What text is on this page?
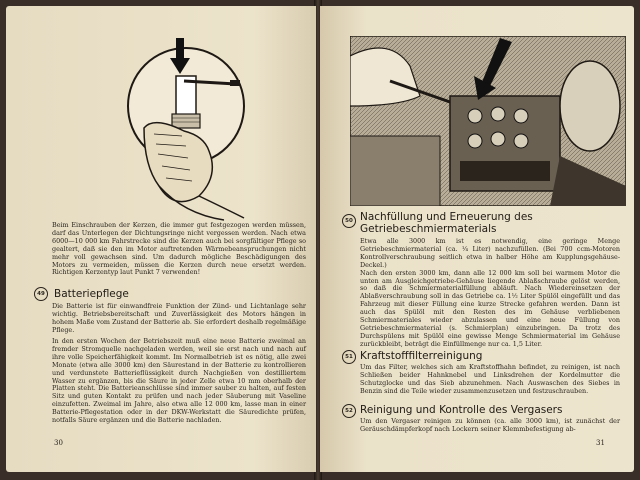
Beim Einschrauben der Kerzen, die immer gut festgezogen werden müssen, darf das Unterlegen der Dichtungsringe nicht vergessen werden. Nach etwa 6000—10 000 km Fahrstrecke sind die Kerzen auch bei sorgfältiger Pflege so gealtert, daß sie den im Motor auftretenden Wärmebeanspruchungen nicht mehr voll gewachsen sind. Um dadurch mögliche Beschädigungen des Motors zu vermeiden, müssen die Kerzen durch neue ersetzt werden. Richtigen Kerzentyp laut Punkt 7 verwenden!
49 Batteriepflege
Die Batterie ist für einwandfreie Funktion der Zünd- und Lichtanlage sehr wichtig. Betriebsbereitschaft und Zuverlässigkeit des Motors hängen in hohem Maße vom Zustand der Batterie ab. Sie erfordert deshalb regelmäßige Pflege.
In den ersten Wochen der Betriebszeit muß eine neue Batterie zweimal an fremder Stromquelle nachgeladen werden, weil sie erst nach und nach auf ihre volle Speicherfähigkeit kommt. Im Normalbetrieb ist es nötig, alle zwei Monate (etwa alle 3000 km) den Säurestand in der Batterie zu kontrollieren und verdunstete Batterieflüssigkeit durch Nachgießen von destilliertem Wasser zu ergänzen, bis die Säure in jeder Zelle etwa 10 mm oberhalb der Platten steht. Die Batterieanschlüsse sind immer sauber zu halten, auf festen Sitz und guten Kontakt zu prüfen und nach jeder Säuberung mit Vaseline einzufetten. Zweimal im Jahre, also etwa alle 12 000 km, lasse man in einer Batterie-Pflegestation oder in der DKW-Werkstatt die Säuredichte prüfen, notfalls Säure ergänzen und die Batterie nachladen.
30
50 Nachfüllung und Erneuerung des Getriebeschmiermaterials
Etwa alle 3000 km ist es notwendig, eine geringe Menge Getriebeschmiermaterial (ca. ¼ Liter) nachzufüllen. (Bei 700 ccm-Motoren Kontrollverschraubung seitlich etwa in halber Höhe am Kupplungsgehäuse-Deckel.)
Nach den ersten 3000 km, dann alle 12 000 km soll bei warmem Motor die unten am Ausgleichgetriebe-Gehäuse liegende Ablaßschraube gelöst werden, so daß die Schmiermaterialfüllung abläuft. Nach Wiedereinsetzen der Ablaßverschraubung soll in das Getriebe ca. 1½ Liter Spülöl eingefüllt und das Fahrzeug mit dieser Füllung eine kurze Strecke gefahren werden. Dann ist auch das Spülöl mit den Resten des im Gehäuse verbliebenen Schmiermateriales wieder abzulassen und eine neue Füllung von Getriebeschmiermaterial (s. Schmierplan) einzubringen. Da trotz des Durchspülens mit Spülöl eine gewisse Menge Schmiermaterial im Gehäuse zurückbleibt, beträgt die Einfüllmenge nur ca. 1,5 Liter.
51 Kraftstofffilterreinigung
Um das Filter, welches sich am Kraftstoffhahn befindet, zu reinigen, ist nach Schließen beider Hahnknebel und Linksdrehen der Kordelmutter die Schutzglocke und das Sieb abzunehmen. Nach Auswaschen des Siebes in Benzin sind die Teile wieder zusammenzusetzen und festzuschrauben.
52 Reinigung und Kontrolle des Vergasers
Um den Vergaser reinigen zu können (ca. alle 3000 km), ist zunächst der Geräuschdämpferkopf nach Lockern seiner Klemmbefestigung ab-
31
